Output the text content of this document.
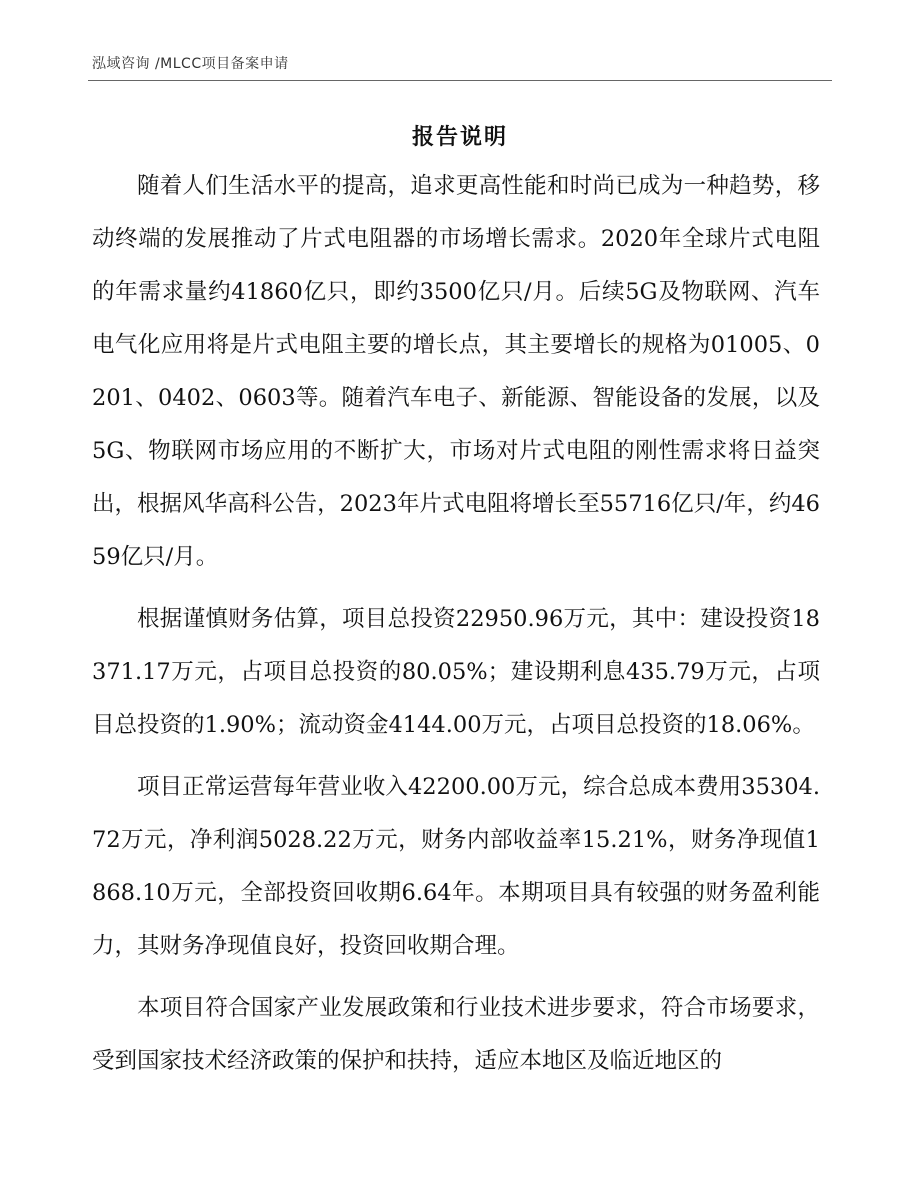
泓域咨询 /MLCC项目备案申请
报告说明

随着人们生活水平的提高，追求更高性能和时尚已成为一种趋势，移动终端的发展推动了片式电阻器的市场增长需求。2020年全球片式电阻的年需求量约41860亿只，即约3500亿只/月。后续5G及物联网、汽车电气化应用将是片式电阻主要的增长点，其主要增长的规格为01005、0201、0402、0603等。随着汽车电子、新能源、智能设备的发展，以及5G、物联网市场应用的不断扩大，市场对片式电阻的刚性需求将日益突出，根据风华高科公告，2023年片式电阻将增长至55716亿只/年，约4659亿只/月。

根据谨慎财务估算，项目总投资22950.96万元，其中：建设投资18371.17万元，占项目总投资的80.05%；建设期利息435.79万元，占项目总投资的1.90%；流动资金4144.00万元，占项目总投资的18.06%。

项目正常运营每年营业收入42200.00万元，综合总成本费用35304.72万元，净利润5028.22万元，财务内部收益率15.21%，财务净现值1868.10万元，全部投资回收期6.64年。本期项目具有较强的财务盈利能力，其财务净现值良好，投资回收期合理。

本项目符合国家产业发展政策和行业技术进步要求，符合市场要求，受到国家技术经济政策的保护和扶持，适应本地区及临近地区的
